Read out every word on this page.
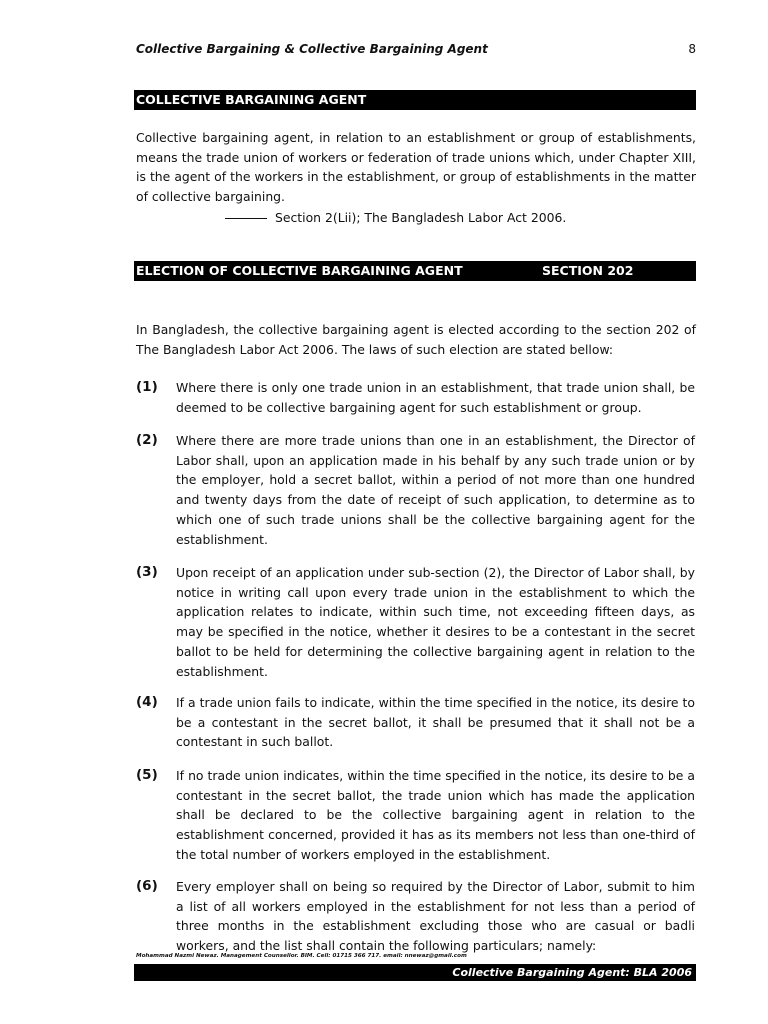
Collective Bargaining & Collective Bargaining Agent	8
COLLECTIVE BARGAINING AGENT

Collective bargaining agent, in relation to an establishment or group of establishments, means the trade union of workers or federation of trade unions which, under Chapter XIII, is the agent of the workers in the establishment, or group of establishments in the matter of collective bargaining.

Section 2(Lii); The Bangladesh Labor Act 2006.
ELECTION OF COLLECTIVE BARGAINING AGENT	SECTION 202

In Bangladesh, the collective bargaining agent is elected according to the section 202 of The Bangladesh Labor Act 2006. The laws of such election are stated bellow:

(1) Where there is only one trade union in an establishment, that trade union shall, be deemed to be collective bargaining agent for such establishment or group.

(2) Where there are more trade unions than one in an establishment, the Director of Labor shall, upon an application made in his behalf by any such trade union or by the employer, hold a secret ballot, within a period of not more than one hundred and twenty days from the date of receipt of such application, to determine as to which one of such trade unions shall be the collective bargaining agent for the establishment.

(3) Upon receipt of an application under sub-section (2), the Director of Labor shall, by notice in writing call upon every trade union in the establishment to which the application relates to indicate, within such time, not exceeding fifteen days, as may be specified in the notice, whether it desires to be a contestant in the secret ballot to be held for determining the collective bargaining agent in relation to the establishment.

(4) If a trade union fails to indicate, within the time specified in the notice, its desire to be a contestant in the secret ballot, it shall be presumed that it shall not be a contestant in such ballot.

(5) If no trade union indicates, within the time specified in the notice, its desire to be a contestant in the secret ballot, the trade union which has made the application shall be declared to be the collective bargaining agent in relation to the establishment concerned, provided it has as its members not less than one-third of the total number of workers employed in the establishment.

(6) Every employer shall on being so required by the Director of Labor, submit to him a list of all workers employed in the establishment for not less than a period of three months in the establishment excluding those who are casual or badli workers, and the list shall contain the following particulars; namely:

Mohammad Nazmi Newaz. Management Counsellor. BIM. Cell: 01715 366 717. email: nnewaz@gmail.com
Collective Bargaining Agent: BLA 2006
